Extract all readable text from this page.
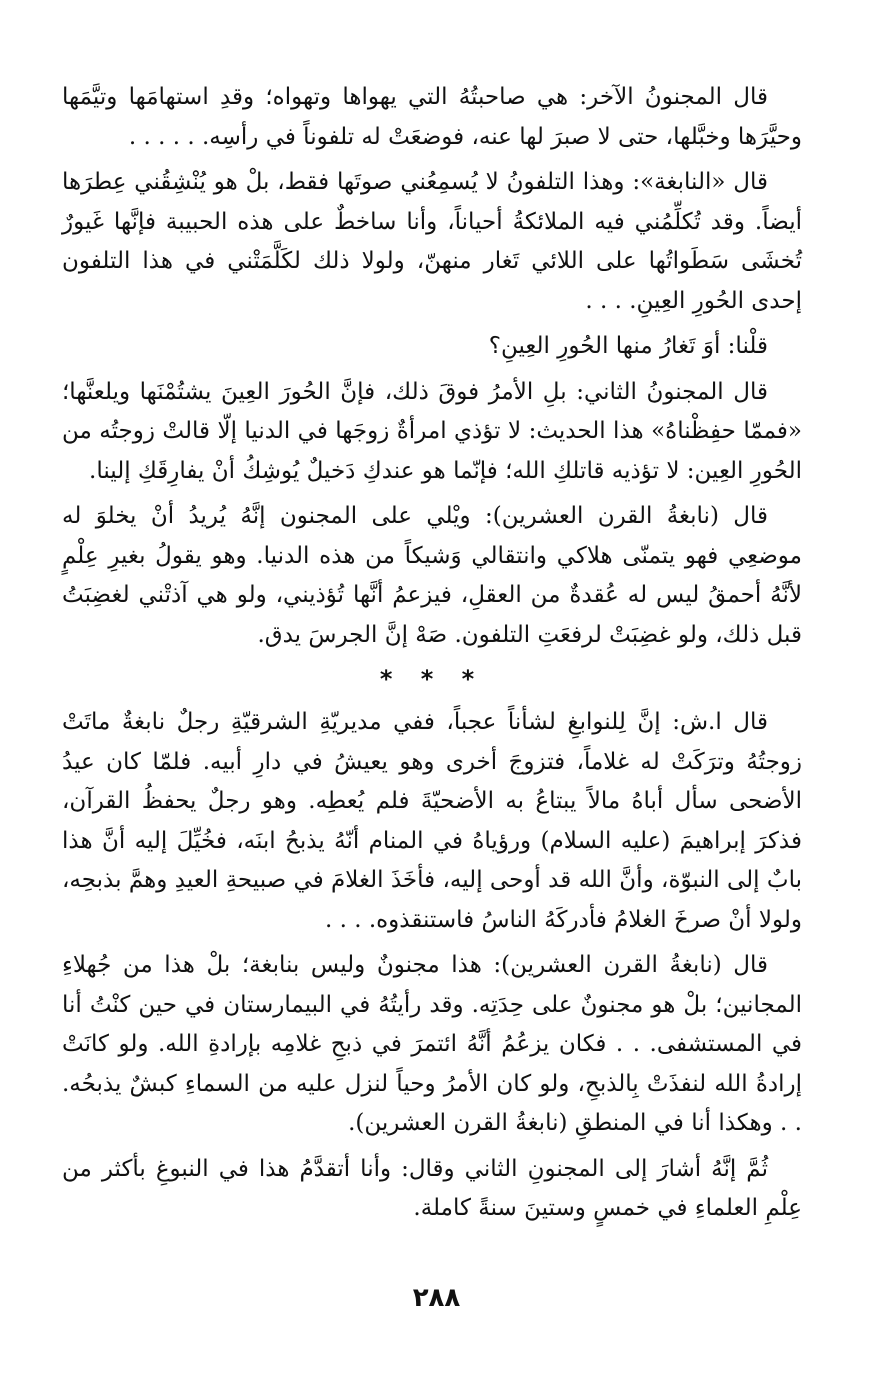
قال المجنونُ الآخر: هي صاحبتُهُ التي يهواها وتهواه؛ وقدِ استهامَها وتيَّمَها وحيَّرَها وخبَّلها، حتى لا صبرَ لها عنه، فوضعَتْ له تلفوناً في رأسِه. . . . . .

قال «النابغة»: وهذا التلفونُ لا يُسمِعُني صوتَها فقط، بلْ هو يُنْشِقُني عِطرَها أيضاً. وقد تُكلِّمُني فيه الملائكةُ أحياناً، وأنا ساخطٌ على هذه الحبيبة فإنَّها غَيورٌ تُخشَى سَطَواتُها على اللائي تَغار منهنّ، ولولا ذلك لكَلَّمَتْني في هذا التلفون إحدى الحُورِ العِينِ. . . .

قلْنا: أوَ تَغارُ منها الحُورِ العِينِ؟

قال المجنونُ الثاني: بلِ الأمرُ فوقَ ذلك، فإنَّ الحُورَ العِينَ يشتُمْنَها ويلعنَّها؛ «فممّا حفِظْناهُ» هذا الحديث: لا تؤذي امرأةٌ زوجَها في الدنيا إلّا قالتْ زوجتُه من الحُورِ العِين: لا تؤذيه قاتلكِ الله؛ فإنّما هو عندكِ دَخيلٌ يُوشِكُ أنْ يفارِقَكِ إلينا.

قال (نابغةُ القرن العشرين): ويْلي على المجنون إنَّهُ يُريدُ أنْ يخلوَ له موضعِي فهو يتمنّى هلاكي وانتقالي وَشيكاً من هذه الدنيا. وهو يقولُ بغيرِ عِلْمٍ لأنَّهُ أحمقُ ليس له عُقدةٌ من العقلِ، فيزعمُ أنَّها تُؤذيني، ولو هي آذتْني لغضِبَتُ قبل ذلك، ولو غضِبَتْ لرفعَتِ التلفون. صَهْ إنَّ الجرسَ يدق.

* * *

قال ا.ش: إنَّ لِلنوابغِ لشأناً عجباً، ففي مديريّةِ الشرقيّةِ رجلٌ نابغةٌ ماتَتْ زوجتُهُ وترَكَتْ له غلاماً، فتزوجَ أخرى وهو يعيشُ في دارِ أبيه. فلمّا كان عيدُ الأضحى سأل أباهُ مالاً يبتاعُ به الأضحيّةَ فلم يُعطِه. وهو رجلٌ يحفظُ القرآن، فذكرَ إبراهيمَ (عليه السلام) ورؤياهُ في المنام أنّهُ يذبحُ ابنَه، فخُيِّلَ إليه أنَّ هذا بابٌ إلى النبوّة، وأنَّ الله قد أوحى إليه، فأخَذَ الغلامَ في صبيحةِ العيدِ وهمَّ بذبحِه، ولولا أنْ صرخَ الغلامُ فأدركَهُ الناسُ فاستنقذوه. . . .

قال (نابغةُ القرن العشرين): هذا مجنونٌ وليس بنابغة؛ بلْ هذا من جُهلاءِ المجانين؛ بلْ هو مجنونٌ على حِدَتِه. وقد رأيتُهُ في البيمارستان في حين كنْتُ أنا في المستشفى. . . فكان يزعُمُ أنَّهُ ائتمرَ في ذبحِ غلامِه بإرادةِ الله. ولو كانَتْ إرادةُ الله لنفذَتْ بِالذبحِ، ولو كان الأمرُ وحياً لنزل عليه من السماءِ كبشٌ يذبحُه. . . وهكذا أنا في المنطقِ (نابغةُ القرن العشرين).

ثُمَّ إنَّهُ أشارَ إلى المجنونِ الثاني وقال: وأنا أتقدَّمُ هذا في النبوغِ بأكثر من عِلْمِ العلماءِ في خمسٍ وستينَ سنةً كاملة.

٢٨٨
